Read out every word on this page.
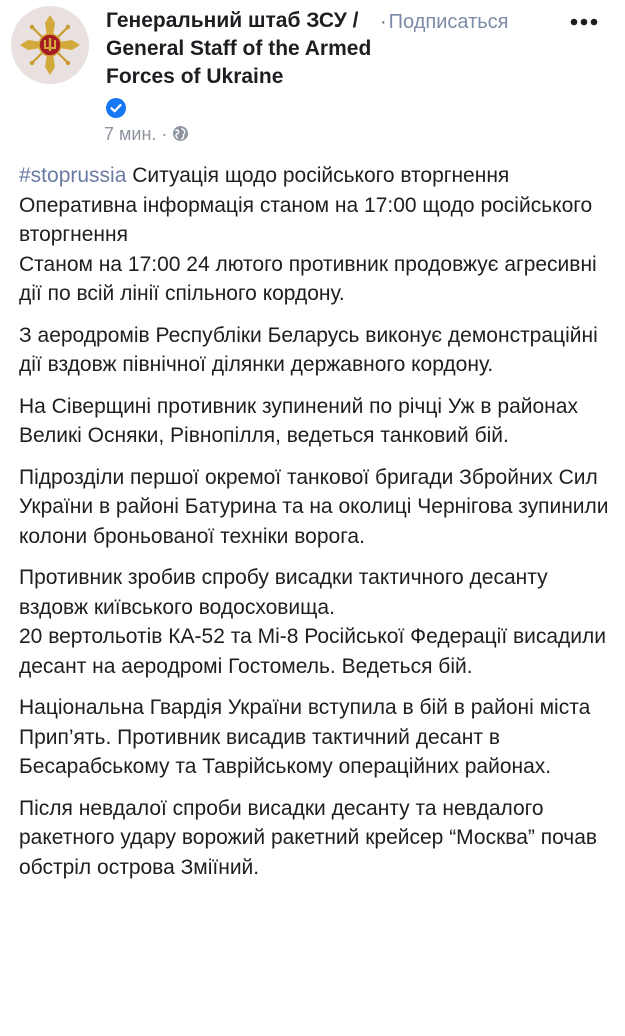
Генеральний штаб ЗСУ / General Staff of the Armed Forces of Ukraine
· Подписаться
7 мин. ·

#stoprussia Ситуація щодо російського вторгнення
Оперативна інформація станом на 17:00 щодо російського вторгнення
Станом на 17:00 24 лютого противник продовжує агресивні дії по всій лінії спільного кордону.

З аеродромів Республіки Беларусь виконує демонстраційні дії вздовж північної ділянки державного кордону.

На Сіверщині противник зупинений по річці Уж в районах Великі Осняки, Рівнопілля, ведеться танковий бій.

Підрозділи першої окремої танкової бригади Збройних Сил України в районі Батурина та на околиці Чернігова зупинили колони броньованої техніки ворога.

Противник зробив спробу висадки тактичного десанту вздовж київського водосховища.
20 вертольотів КА-52 та Мі-8 Російської Федерації висадили десант на аеродромі Гостомель. Ведеться бій.

Національна Гвардія України вступила в бій в районі міста Прип’ять. Противник висадив тактичний десант в Бесарабському та Таврійському операційних районах.

Після невдалої спроби висадки десанту та невдалого ракетного удару ворожий ракетний крейсер “Москва” почав обстріл острова Зміїний.
